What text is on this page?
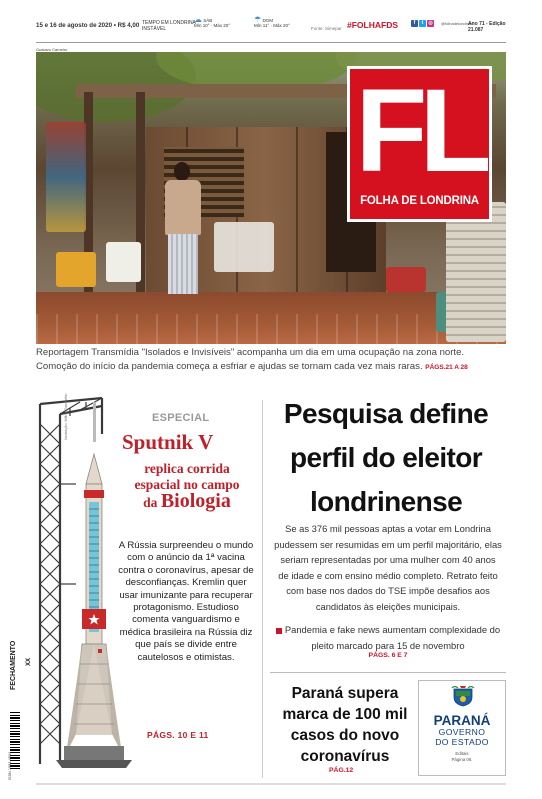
15 e 16 de agosto de 2020 • R$ 4,00 TEMPO EM LONDRINA
INSTÁVEL
☁ SÁB
Mín 10° · Máx 20°
☂ DOM
Mín 11° · Máx 20°
Fonte: Simepar #FOLHAFDS	f t ◎	@folhadelondrina
Ano 71 - Edição 21.087
Gustavo Carneiro
FL
FOLHA DE LONDRINA
Reportagem Transmídia "Isolados e Invisíveis" acompanha um dia em uma ocupação na zona norte. Comoção do início da pandemia começa a esfriar e ajudas se tornam cada vez mais raras. PÁGS.21 A 28
Ilustração: Milton Zanchetin	ESPECIAL
Sputnik V
replica corrida
espacial no campo
da Biologia
A Rússia surpreendeu o mundo com o anúncio da 1ª vacina contra o coronavírus, apesar de desconfianças. Kremlin quer usar imunizante para recuperar protagonismo. Estudioso comenta vanguardismo e médica brasileira na Rússia diz que país se divide entre cautelosos e otimistas.
PÁGS. 10 E 11
FECHAMENTO XX
ISSN 1983-4934
Pesquisa define
perfil do eleitor
londrinense
Se as 376 mil pessoas aptas a votar em Londrina pudessem ser resumidas em um perfil majoritário, elas seriam representadas por uma mulher com 40 anos de idade e com ensino médio completo. Retrato feito com base nos dados do TSE impõe desafios aos candidatos às eleições municipais.
Pandemia e fake news aumentam complexidade do pleito marcado para 15 de novembro
PÁGS. 6 E 7
Paraná supera marca de 100 mil casos do novo coronavírus
PÁG.12
PARANÁ
GOVERNO
DO ESTADO
Editais
Página 06.
